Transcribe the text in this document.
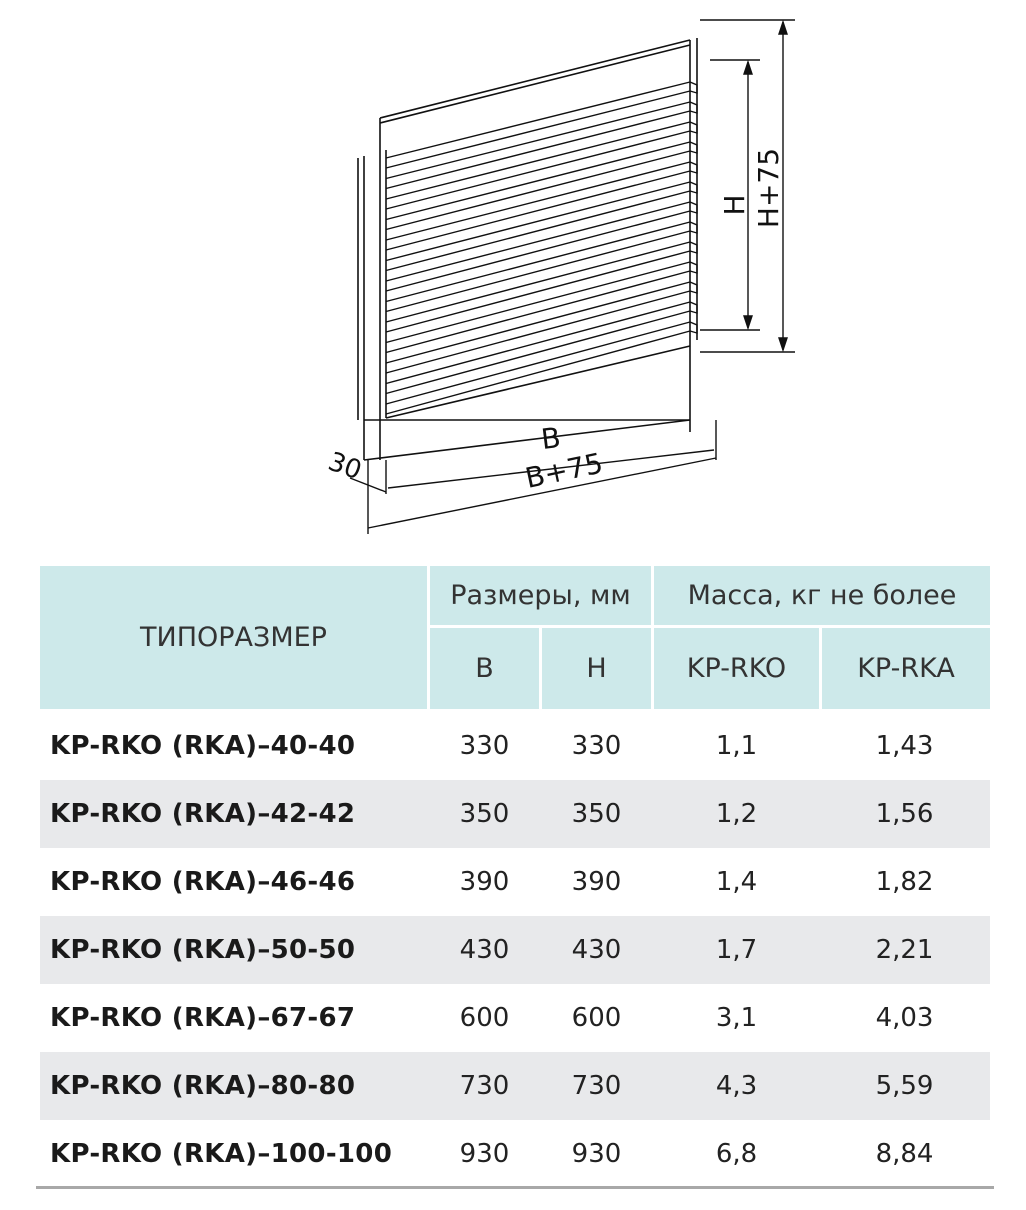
H H+75
B
B+75
30
ТИПОРАЗМЕР	Размеры, мм		Масса, кг не более	
	B	H	KP-RKO	KP-RKA
KP-RKO (RKA)–40-40	330	330	1,1	1,43
KP-RKO (RKA)–42-42	350	350	1,2	1,56
KP-RKO (RKA)–46-46	390	390	1,4	1,82
KP-RKO (RKA)–50-50	430	430	1,7	2,21
KP-RKO (RKA)–67-67	600	600	3,1	4,03
KP-RKO (RKA)–80-80	730	730	4,3	5,59
KP-RKO (RKA)–100-100	930	930	6,8	8,84
